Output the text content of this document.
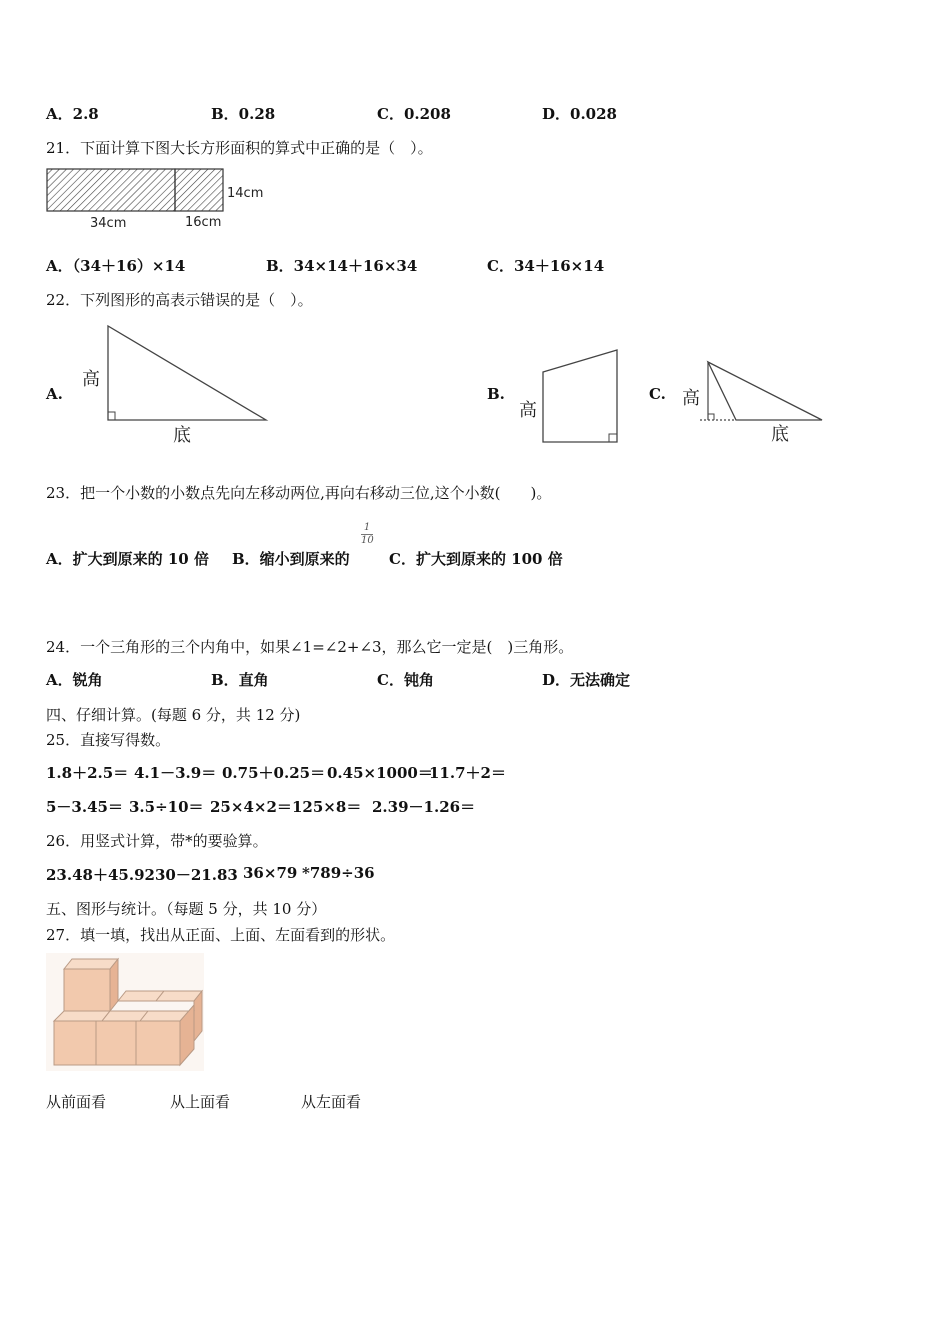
A．2.8	B．0.28	C．0.208	D．0.028
21．下面计算下图大长方形面积的算式中正确的是（　）。
14cm
34cm	16cm
A．（34＋16）×14	B．34×14＋16×34	C．34＋16×14
22．下列图形的高表示错误的是（　）。
A.
高
底
B.
高
C. 高
底
23．把一个小数的小数点先向左移动两位,再向右移动三位,这个小数(　　)。
A．扩大到原来的 10 倍 B．缩小到原来的
$\frac{1}{10}$
C．扩大到原来的 100 倍
24．一个三角形的三个内角中，如果∠1=∠2+∠3，那么它一定是(　)三角形。
A．锐角	B．直角	C．钝角	D．无法确定
四、仔细计算。(每题 6 分，共 12 分)
25．直接写得数。
1.8＋2.5＝ 4.1－3.9＝ 0.75＋0.25＝ 0.45×1000＝
11.7＋2＝
5－3.45＝ 3.5÷10＝ 25×4×2＝ 125×8＝ 2.39－1.26＝
26．用竖式计算，带*的要验算。
23.48＋45.92 30－21.83 36×79 *789÷36
五、图形与统计。（每题 5 分，共 10 分）
27．填一填，找出从正面、上面、左面看到的形状。
从前面看	从上面看	从左面看
